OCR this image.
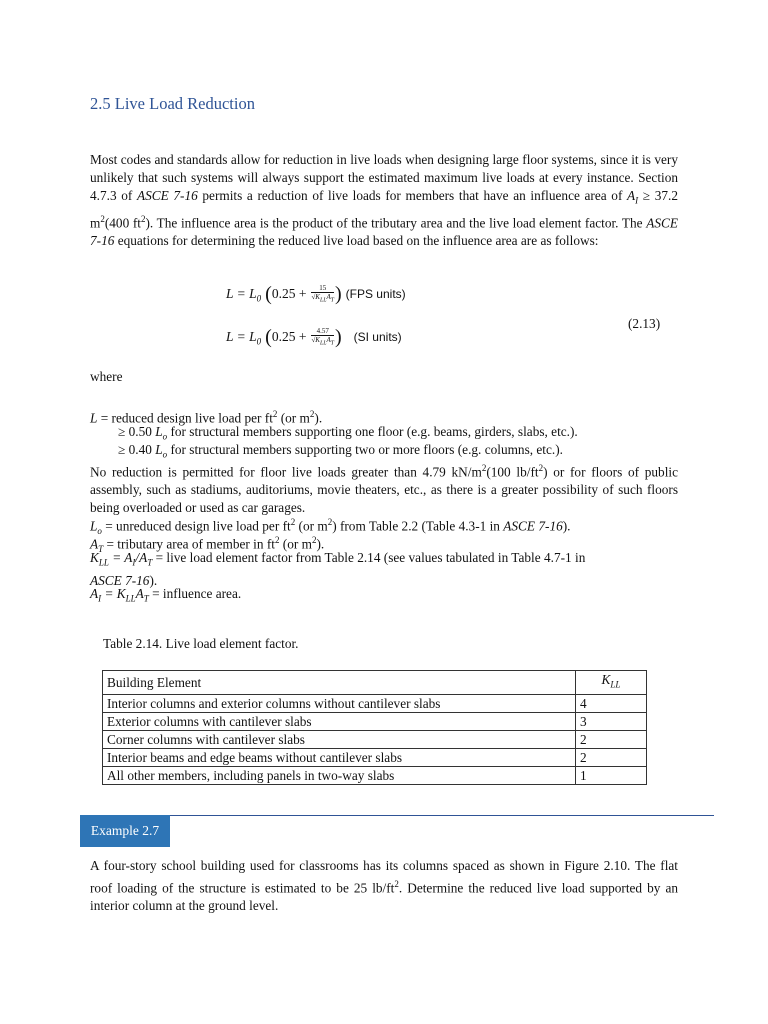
2.5 Live Load Reduction
Most codes and standards allow for reduction in live loads when designing large floor systems, since it is very unlikely that such systems will always support the estimated maximum live loads at every instance. Section 4.7.3 of ASCE 7-16 permits a reduction of live loads for members that have an influence area of $A_I \ge 37.2$ $m^2(400$ $ft^2$). The influence area is the product of the tributary area and the live load element factor. The ASCE 7-16 equations for determining the reduced live load based on the influence area are as follows:
$L = L_0$ ($0.25 + \frac{15}{√K_{LL}A_T}$ ) (FPS units)
(2.13)
$L = L_0$ ($0.25 + \frac{4.57}{√K_{LL}A_T}$ ) (SI units)
where
L = reduced design live load per $ft^2$ (or $m^2$).
≥ 0.50 $L_o$ for structural members supporting one floor (e.g. beams, girders, slabs, etc.).
≥ 0.40 $L_o$ for structural members supporting two or more floors (e.g. columns, etc.).
No reduction is permitted for floor live loads greater than 4.79 $kN/m^2(100$ $lb/ft^2$) or for floors of public assembly, such as stadiums, auditoriums, movie theaters, etc., as there is a greater possibility of such floors being overloaded or used as car garages.
$L_o$ = unreduced design live load per $ft^2$ (or $m^2$) from Table 2.2 (Table 4.3-1 in ASCE 7-16).
$A_T$ = tributary area of member in $ft^2$ (or $m^2$).
$K_{LL} = A_I/A_T$ = live load element factor from Table 2.14 (see values tabulated in Table 4.7-1 in
ASCE 7-16).
$A_I = K_{LL}A_T$ = influence area.
Table 2.14. Live load element factor.
Building Element	$K_{LL}$
Interior columns and exterior columns without cantilever slabs	4
Exterior columns with cantilever slabs	3
Corner columns with cantilever slabs	2
Interior beams and edge beams without cantilever slabs	2
All other members, including panels in two-way slabs	1
Example 2.7
A four-story school building used for classrooms has its columns spaced as shown in Figure 2.10. The flat roof loading of the structure is estimated to be 25 $lb/ft^2$. Determine the reduced live load supported by an interior column at the ground level.
